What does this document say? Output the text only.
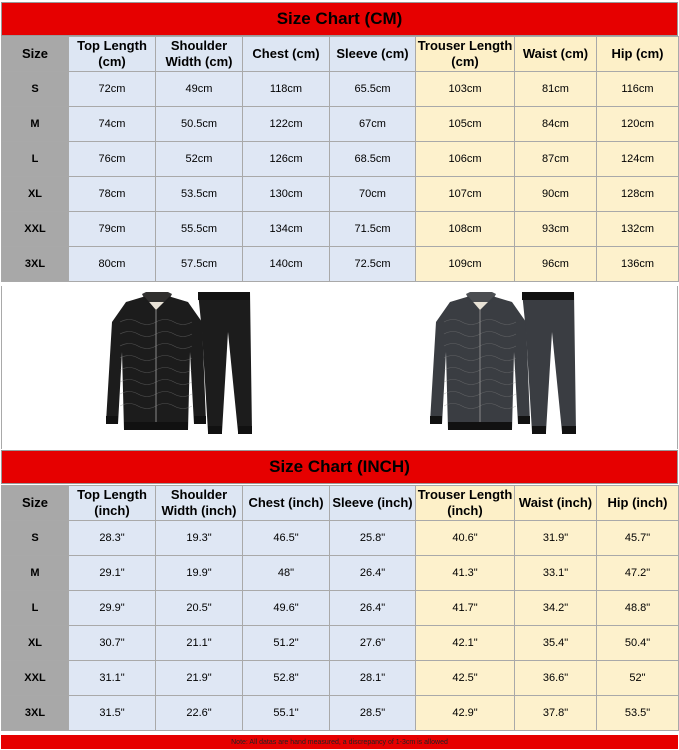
Size Chart (CM)
Size	Top Length (cm)	Shoulder Width (cm)	Chest (cm)	Sleeve (cm)	Trouser Length (cm)	Waist (cm)	Hip (cm)
S	72cm	49cm	118cm	65.5cm	103cm	81cm	116cm
M	74cm	50.5cm	122cm	67cm	105cm	84cm	120cm
L	76cm	52cm	126cm	68.5cm	106cm	87cm	124cm
XL	78cm	53.5cm	130cm	70cm	107cm	90cm	128cm
XXL	79cm	55.5cm	134cm	71.5cm	108cm	93cm	132cm
3XL	80cm	57.5cm	140cm	72.5cm	109cm	96cm	136cm
Size Chart (INCH)
Size	Top Length (inch)	Shoulder Width (inch)	Chest (inch)	Sleeve (inch)	Trouser Length (inch)	Waist (inch)	Hip (inch)
S	28.3"	19.3"	46.5"	25.8"	40.6"	31.9"	45.7"
M	29.1"	19.9"	48"	26.4"	41.3"	33.1"	47.2"
L	29.9"	20.5"	49.6"	26.4"	41.7"	34.2"	48.8"
XL	30.7"	21.1"	51.2"	27.6"	42.1"	35.4"	50.4"
XXL	31.1"	21.9"	52.8"	28.1"	42.5"	36.6"	52"
3XL	31.5"	22.6"	55.1"	28.5"	42.9"	37.8"	53.5"
Note: All datas are hand measured, a discrepancy of 1-3cm is allowed
